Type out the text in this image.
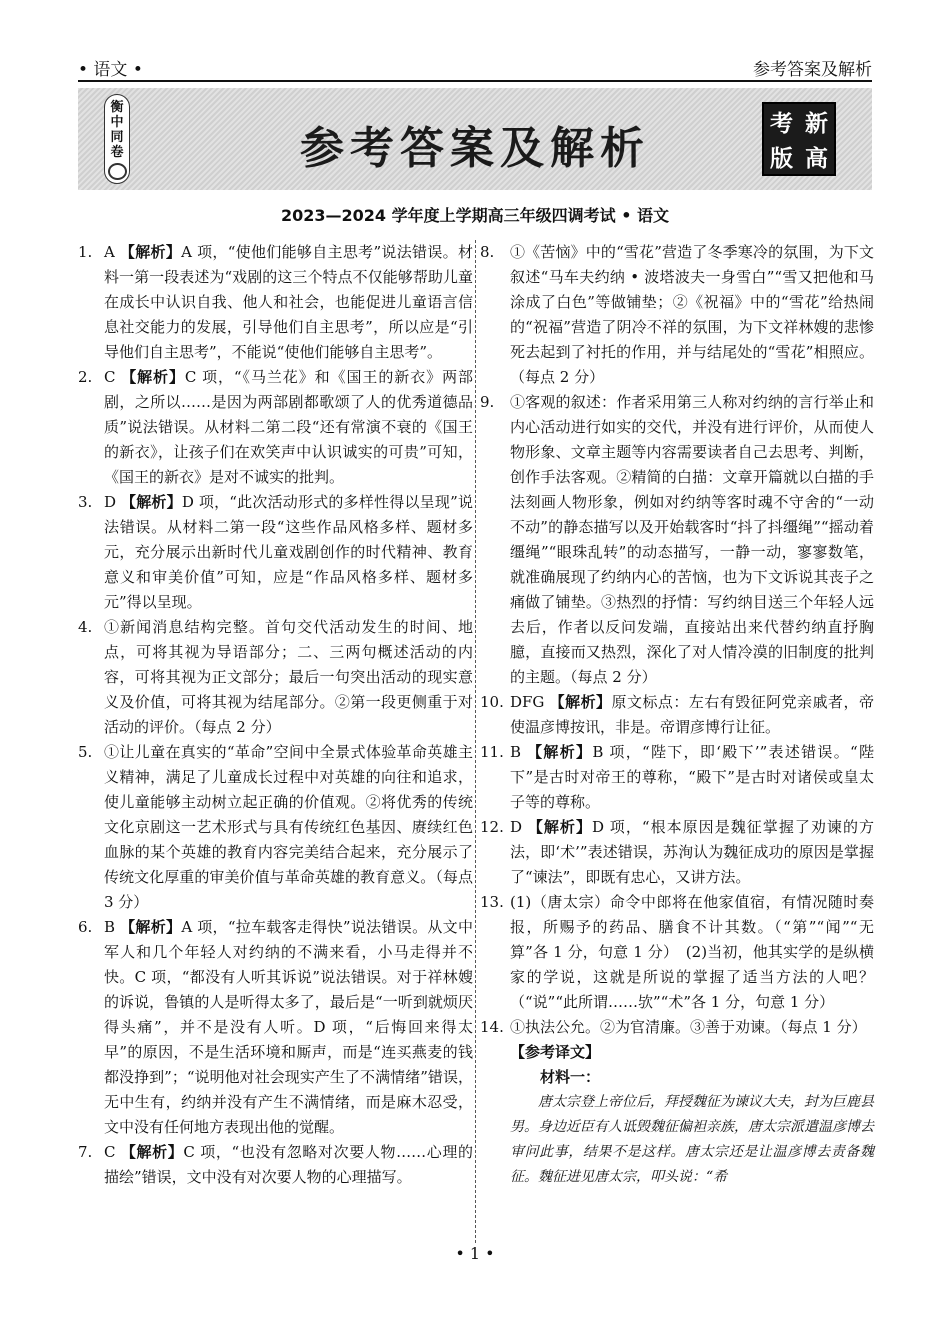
• 语文 •	参考答案及解析
衡
中
同
卷	参考答案及解析	考 新
版 高
2023—2024 学年度上学期高三年级四调考试 • 语文
1. A 【解析】A 项，“使他们能够自主思考”说法错误。材料一第一段表述为“戏剧的这三个特点不仅能够帮助儿童在成长中认识自我、他人和社会，也能促进儿童语言信息社交能力的发展，引导他们自主思考”，所以应是“引导他们自主思考”，不能说“使他们能够自主思考”。
2. C 【解析】C 项，“《马兰花》和《国王的新衣》两部剧，之所以……是因为两部剧都歌颂了人的优秀道德品质”说法错误。从材料二第二段“还有常演不衰的《国王的新衣》，让孩子们在欢笑声中认识诚实的可贵”可知，《国王的新衣》是对不诚实的批判。
3. D 【解析】D 项，“此次活动形式的多样性得以呈现”说法错误。从材料二第一段“这些作品风格多样、题材多元，充分展示出新时代儿童戏剧创作的时代精神、教育意义和审美价值”可知，应是“作品风格多样、题材多元”得以呈现。
4. ①新闻消息结构完整。首句交代活动发生的时间、地点，可将其视为导语部分；二、三两句概述活动的内容，可将其视为正文部分；最后一句突出活动的现实意义及价值，可将其视为结尾部分。②第一段更侧重于对活动的评价。（每点 2 分）
5. ①让儿童在真实的“革命”空间中全景式体验革命英雄主义精神，满足了儿童成长过程中对英雄的向往和追求，使儿童能够主动树立起正确的价值观。②将优秀的传统文化京剧这一艺术形式与具有传统红色基因、赓续红色血脉的某个英雄的教育内容完美结合起来，充分展示了传统文化厚重的审美价值与革命英雄的教育意义。（每点 3 分）
6. B 【解析】A 项，“拉车载客走得快”说法错误。从文中军人和几个年轻人对约纳的不满来看，小马走得并不快。C 项，“都没有人听其诉说”说法错误。对于祥林嫂的诉说，鲁镇的人是听得太多了，最后是“一听到就烦厌得头痛”，并不是没有人听。D 项，“后悔回来得太早”的原因，不是生活环境和厮声，而是“连买燕麦的钱都没挣到”；“说明他对社会现实产生了不满情绪”错误，无中生有，约纳并没有产生不满情绪，而是麻木忍受，文中没有任何地方表现出他的觉醒。
7. C 【解析】C 项，“也没有忽略对次要人物……心理的描绘”错误，文中没有对次要人物的心理描写。
8.	①《苦恼》中的“雪花”营造了冬季寒冷的氛围，为下文叙述“马车夫约纳 • 波塔波夫一身雪白”“雪又把他和马涂成了白色”等做铺垫；②《祝福》中的“雪花”给热闹的“祝福”营造了阴冷不祥的氛围，为下文祥林嫂的悲惨死去起到了衬托的作用，并与结尾处的“雪花”相照应。（每点 2 分）
9.	①客观的叙述：作者采用第三人称对约纳的言行举止和内心活动进行如实的交代，并没有进行评价，从而使人物形象、文章主题等内容需要读者自己去思考、判断，创作手法客观。②精简的白描：文章开篇就以白描的手法刻画人物形象，例如对约纳等客时魂不守舍的“一动不动”的静态描写以及开始载客时“抖了抖缰绳”“摇动着缰绳”“眼珠乱转”的动态描写，一静一动，寥寥数笔，就准确展现了约纳内心的苦恼，也为下文诉说其丧子之痛做了铺垫。③热烈的抒情：写约纳目送三个年轻人远去后，作者以反问发端，直接站出来代替约纳直抒胸臆，直接而又热烈，深化了对人情冷漠的旧制度的批判的主题。（每点 2 分）
10. DFG 【解析】原文标点：左右有毁征阿党亲戚者，帝使温彦博按讯，非是。帝谓彦博行让征。
11. B 【解析】B 项，“陛下，即‘殿下’”表述错误。“陛下”是古时对帝王的尊称，“殿下”是古时对诸侯或皇太子等的尊称。
12. D 【解析】D 项，“根本原因是魏征掌握了劝谏的方法，即‘术’”表述错误，苏洵认为魏征成功的原因是掌握了“谏法”，即既有忠心，又讲方法。
13. (1)（唐太宗）命令中郎将在他家值宿，有情况随时奏报，所赐予的药品、膳食不计其数。（“第”“闻”“无算”各 1 分，句意 1 分）　(2)当初，他其实学的是纵横家的学说，这就是所说的掌握了适当方法的人吧？（“说”“此所谓……欤”“术”各 1 分，句意 1 分）
14. ①执法公允。②为官清廉。③善于劝谏。（每点 1 分）
【参考译文】
材料一：
唐太宗登上帝位后，拜授魏征为谏议大夫，封为巨鹿县男。身边近臣有人诋毁魏征偏袒亲族，唐太宗派遣温彦博去审问此事，结果不是这样。唐太宗还是让温彦博去责备魏征。魏征进见唐太宗，叩头说：“希
• 1 •
